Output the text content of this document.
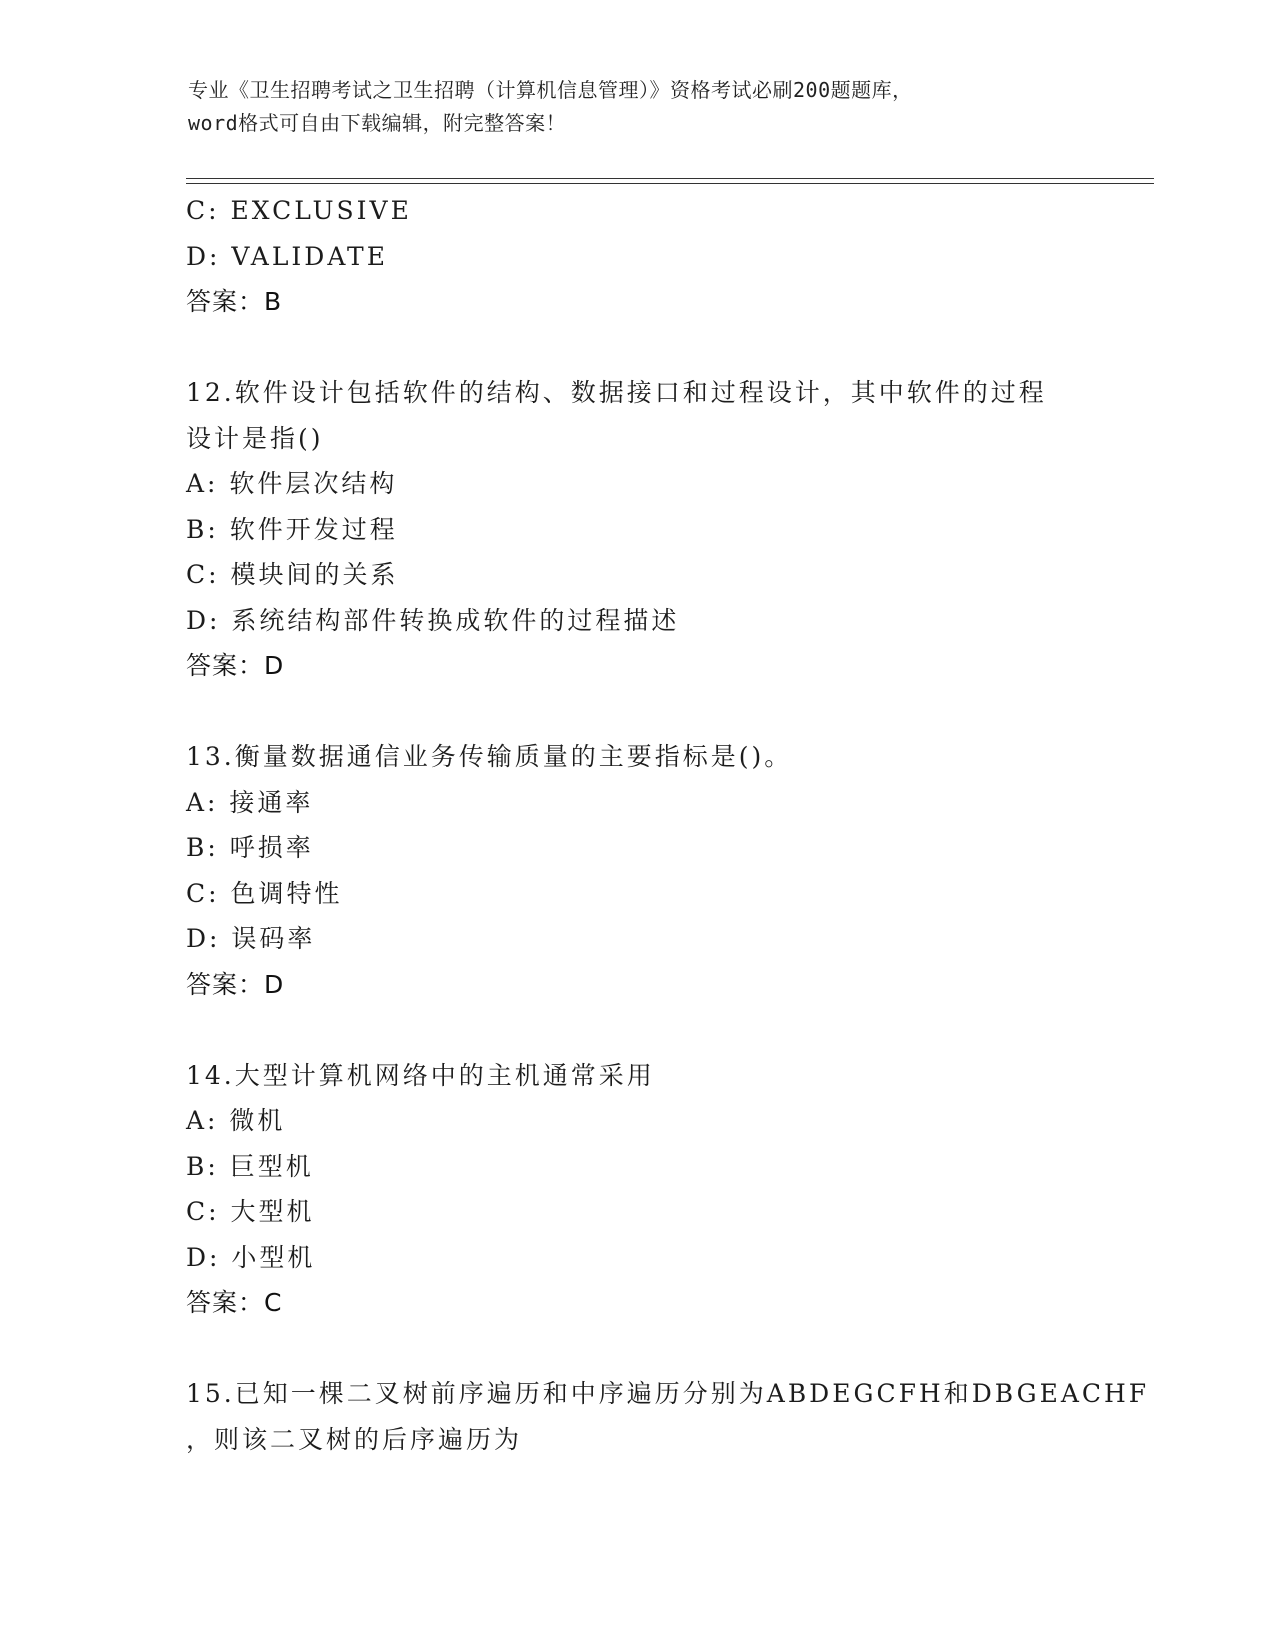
专业《卫生招聘考试之卫生招聘（计算机信息管理）》资格考试必刷200题题库，
word格式可自由下载编辑，附完整答案！
C: EXCLUSIVE
D: VALIDATE
答案：B
12.软件设计包括软件的结构、数据接口和过程设计，其中软件的过程
设计是指()
A: 软件层次结构
B: 软件开发过程
C: 模块间的关系
D: 系统结构部件转换成软件的过程描述
答案：D
13.衡量数据通信业务传输质量的主要指标是()。
A: 接通率
B: 呼损率
C: 色调特性
D: 误码率
答案：D
14.大型计算机网络中的主机通常采用
A: 微机
B: 巨型机
C: 大型机
D: 小型机
答案：C
15.已知一棵二叉树前序遍历和中序遍历分别为ABDEGCFH和DBGEACHF
，则该二叉树的后序遍历为
